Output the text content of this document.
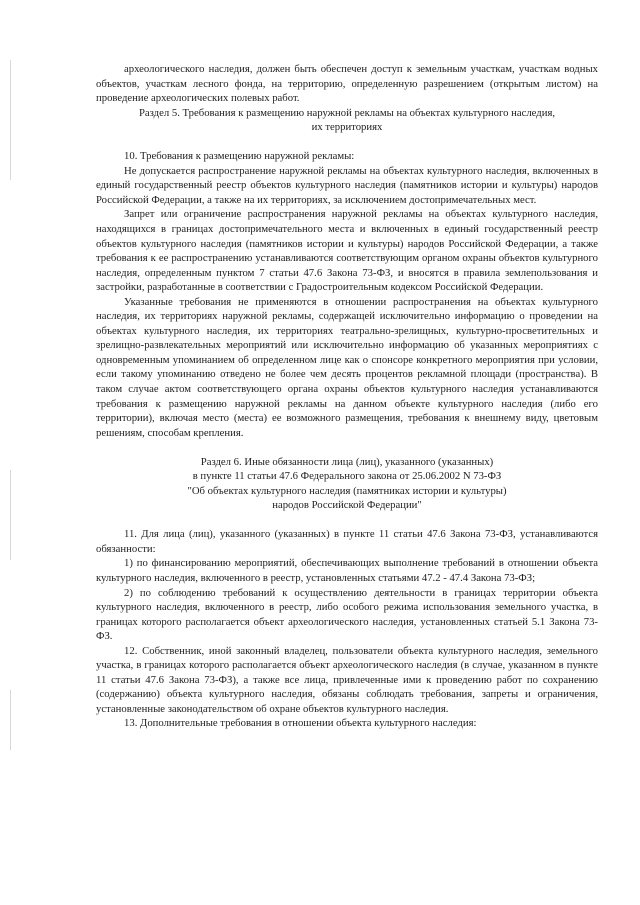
археологического наследия, должен быть обеспечен доступ к земельным участкам, участкам водных объектов, участкам лесного фонда, на территорию, определенную разрешением (открытым листом) на проведение археологических полевых работ.

Раздел 5. Требования к размещению наружной рекламы на объектах культурного наследия, их территориях

10. Требования к размещению наружной рекламы:

Не допускается распространение наружной рекламы на объектах культурного наследия, включенных в единый государственный реестр объектов культурного наследия (памятников истории и культуры) народов Российской Федерации, а также на их территориях, за исключением достопримечательных мест.

Запрет или ограничение распространения наружной рекламы на объектах культурного наследия, находящихся в границах достопримечательного места и включенных в единый государственный реестр объектов культурного наследия (памятников истории и культуры) народов Российской Федерации, а также требования к ее распространению устанавливаются соответствующим органом охраны объектов культурного наследия, определенным пунктом 7 статьи 47.6 Закона 73-ФЗ, и вносятся в правила землепользования и застройки, разработанные в соответствии с Градостроительным кодексом Российской Федерации.

Указанные требования не применяются в отношении распространения на объектах культурного наследия, их территориях наружной рекламы, содержащей исключительно информацию о проведении на объектах культурного наследия, их территориях театрально-зрелищных, культурно-просветительных и зрелищно-развлекательных мероприятий или исключительно информацию об указанных мероприятиях с одновременным упоминанием об определенном лице как о спонсоре конкретного мероприятия при условии, если такому упоминанию отведено не более чем десять процентов рекламной площади (пространства). В таком случае актом соответствующего органа охраны объектов культурного наследия устанавливаются требования к размещению наружной рекламы на данном объекте культурного наследия (либо его территории), включая место (места) ее возможного размещения, требования к внешнему виду, цветовым решениям, способам крепления.

Раздел 6. Иные обязанности лица (лиц), указанного (указанных)

в пункте 11 статьи 47.6 Федерального закона от 25.06.2002 N 73-ФЗ

"Об объектах культурного наследия (памятниках истории и культуры)

народов Российской Федерации"

11. Для лица (лиц), указанного (указанных) в пункте 11 статьи 47.6 Закона 73-ФЗ, устанавливаются обязанности:

1) по финансированию мероприятий, обеспечивающих выполнение требований в отношении объекта культурного наследия, включенного в реестр, установленных статьями 47.2 - 47.4 Закона 73-ФЗ;

2) по соблюдению требований к осуществлению деятельности в границах территории объекта культурного наследия, включенного в реестр, либо особого режима использования земельного участка, в границах которого располагается объект археологического наследия, установленных статьей 5.1 Закона 73-ФЗ.

12. Собственник, иной законный владелец, пользователи объекта культурного наследия, земельного участка, в границах которого располагается объект археологического наследия (в случае, указанном в пункте 11 статьи 47.6 Закона 73-ФЗ), а также все лица, привлеченные ими к проведению работ по сохранению (содержанию) объекта культурного наследия, обязаны соблюдать требования, запреты и ограничения, установленные законодательством об охране объектов культурного наследия.

13. Дополнительные требования в отношении объекта культурного наследия:
